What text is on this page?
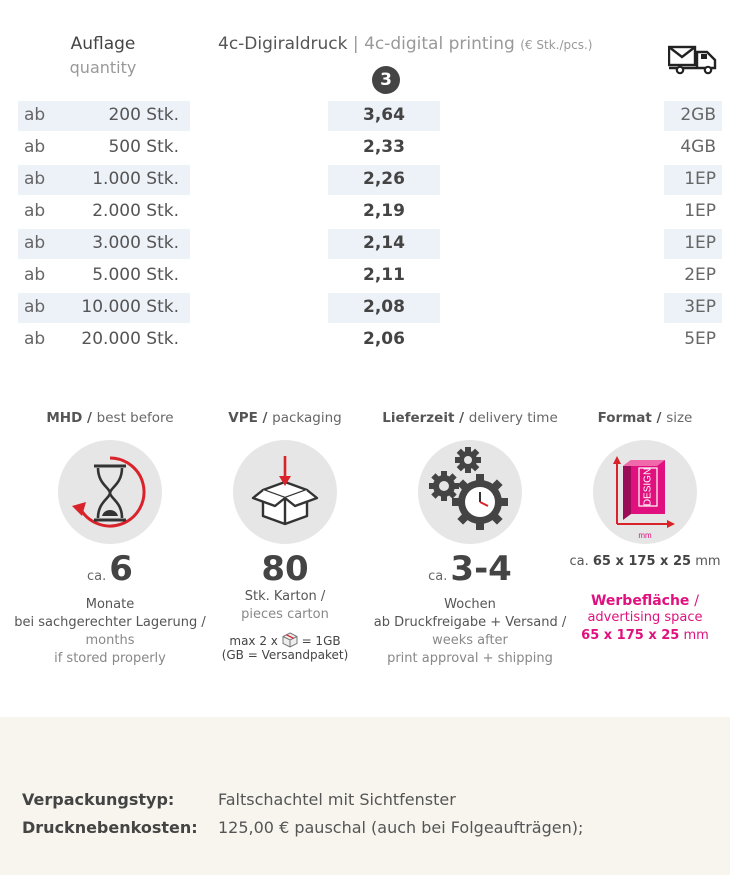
Auflage
quantity
4c-Digiraldruck | 4c-digital printing (€ Stk./pcs.)
3
ab	200 Stk.	3,64	2GB
ab	500 Stk.	2,33	4GB
ab	1.000 Stk.	2,26	1EP
ab	2.000 Stk.	2,19	1EP
ab	3.000 Stk.	2,14	1EP
ab	5.000 Stk.	2,11	2EP
ab 10.000 Stk.	2,08	3EP
ab 20.000 Stk.	2,06	5EP
MHD / best before
ca.6
Monate
bei sachgerechter Lagerung /
months
if stored properly
VPE / packaging
80
Stk. Karton /
pieces carton
max 2 x = 1GB
(GB = Versandpaket)
Lieferzeit / delivery time
ca.3-4
Wochen
ab Druckfreigabe + Versand /
weeks after
print approval + shipping
Format / size
DESIGN
mm
ca. 65 x 175 x 25 mm
Werbefläche /
advertising space
65 x 175 x 25 mm
Verpackungstyp:	Faltschachtel mit Sichtfenster
Drucknebenkosten: 125,00 € pauschal (auch bei Folgeaufträgen);
